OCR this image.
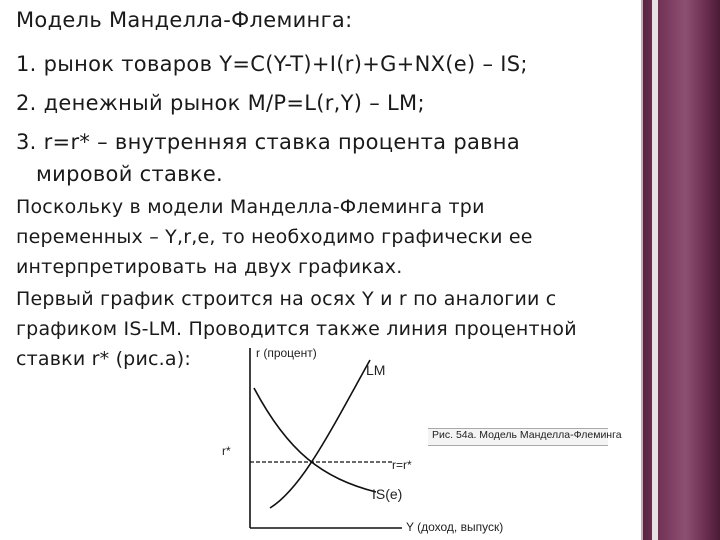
Модель Манделла-Флеминга:

1. рынок товаров Y=C(Y-T)+I(r)+G+NX(e) – IS;

2. денежный рынок M/P=L(r,Y) – LM;

3. r=r* – внутренняя ставка процента равна

мировой ставке.

Поскольку в модели Манделла-Флеминга три

переменных – Y,r,e, то необходимо графически ее

интерпретировать на двух графиках.

Первый график строится на осях Y и r по аналогии с

графиком IS-LM. Проводится также линия процентной

ставки r* (рис.а):	r (процент)
LM
r*
r=r*
IS(e)
Y (доход, выпуск)
Рис. 54а. Модель Манделла-Флеминга
